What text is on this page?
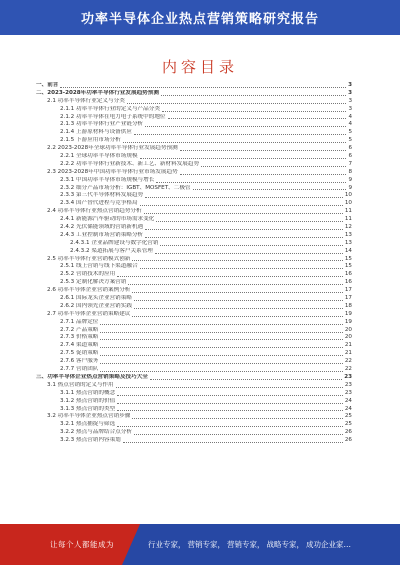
功率半导体企业热点营销策略研究报告
内容目录
一、前言	3
二、2023-2028年功率半导体行业发展趋势预测	3
2.1 功率半导体行业定义与分类	3
2.1.1 功率半导体行业的定义与产品分类	3
2.1.2 功率半导体在电力电子系统中的地位	4
2.1.3 功率半导体行业产业链分析	4
2.1.4 上游原材料与设备供应	5
2.1.5 下游应用市场分析	5
2.2 2023-2028年全球功率半导体行业发展趋势预测	6
2.2.1 全球功率半导体市场规模	6
2.2.2 功率半导体行业新技术、新工艺、新材料发展趋势	7
2.3 2023-2028年中国功率半导体行业市场发展趋势	8
2.3.1 中国功率半导体市场规模与增长	9
2.3.2 细分产品市场分析：IGBT、MOSFET、二极管	9
2.3.3 第三代半导体材料发展趋势	10
2.3.4 国产替代进程与竞争格局	10
2.4 功率半导体行业热点营销趋势分析	11
2.4.1 新能源汽车驱动的市场需求变化	11
2.4.2 光伏储能领域的营销新机遇	12
2.4.3 工业控制市场营销策略分析	13
2.4.3.1 企业品牌建设与数字化营销	13
2.4.3.2 渠道拓展与客户关系管理	14
2.5 功率半导体行业营销模式创新	15
2.5.1 线上营销与线下渠道融合	15
2.5.2 营销技术的应用	16
2.5.3 定制化解决方案营销	16
2.6 功率半导体企业营销案例分析	17
2.6.1 国际龙头企业营销策略	17
2.6.2 国内领先企业营销实践	18
2.7 功率半导体企业营销策略建议	19
2.7.1 品牌定位	19
2.7.2 产品策略	20
2.7.3 价格策略	20
2.7.4 渠道策略	21
2.7.5 促销策略	21
2.7.6 客户服务	22
2.7.7 营销团队	22
三、功率半导体企业热点营销策略及技巧大全	23
3.1 热点营销的定义与作用	23
3.1.1 热点营销的概念	23
3.1.2 热点营销的价值	24
3.1.3 热点营销的类型	24
3.2 功率半导体企业热点营销步骤	25
3.2.1 热点捕捉与筛选	25
3.2.2 热点与品牌结合点分析	26
3.2.3 热点营销内容策划	26
让每个人都能成为	行业专家， 营销专家， 营销专家， 战略专家， 成功企业家…
